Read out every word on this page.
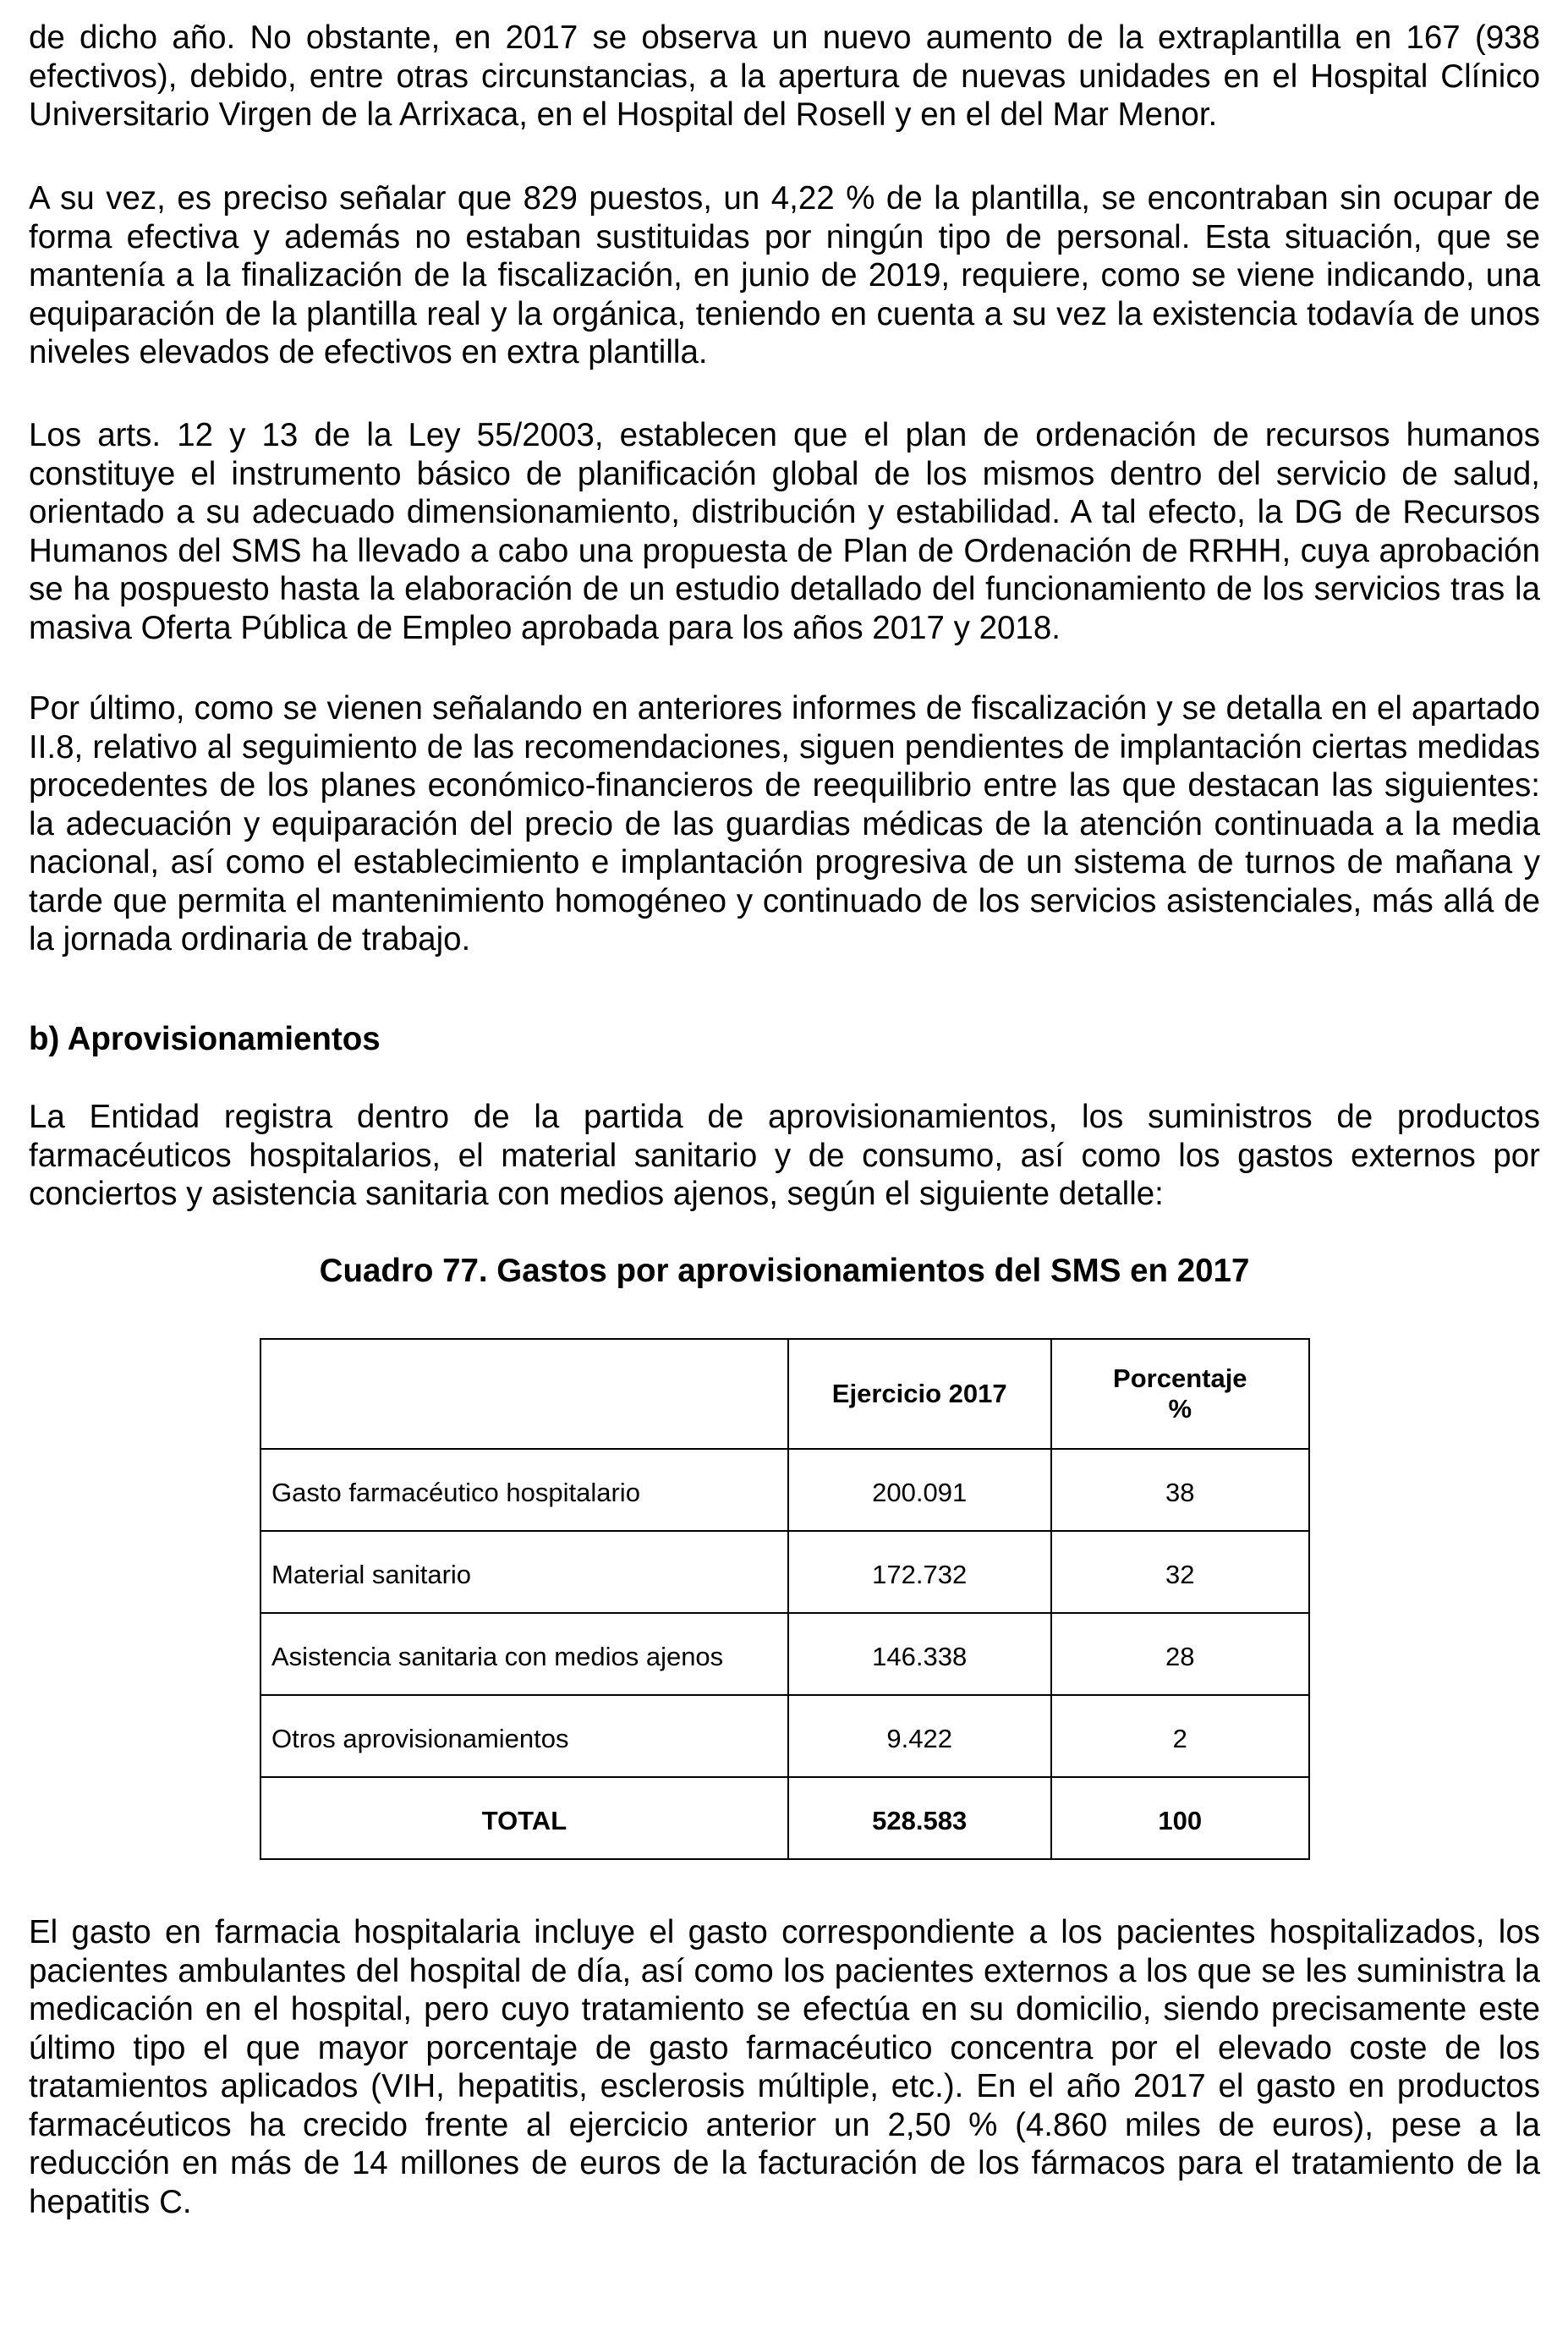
de dicho año. No obstante, en 2017 se observa un nuevo aumento de la extraplantilla en 167 (938 efectivos), debido, entre otras circunstancias, a la apertura de nuevas unidades en el Hospital Clínico Universitario Virgen de la Arrixaca, en el Hospital del Rosell y en el del Mar Menor.

A su vez, es preciso señalar que 829 puestos, un 4,22 % de la plantilla, se encontraban sin ocupar de forma efectiva y además no estaban sustituidas por ningún tipo de personal. Esta situación, que se mantenía a la finalización de la fiscalización, en junio de 2019, requiere, como se viene indicando, una equiparación de la plantilla real y la orgánica, teniendo en cuenta a su vez la existencia todavía de unos niveles elevados de efectivos en extra plantilla.

Los arts. 12 y 13 de la Ley 55/2003, establecen que el plan de ordenación de recursos humanos constituye el instrumento básico de planificación global de los mismos dentro del servicio de salud, orientado a su adecuado dimensionamiento, distribución y estabilidad. A tal efecto, la DG de Recursos Humanos del SMS ha llevado a cabo una propuesta de Plan de Ordenación de RRHH, cuya aprobación se ha pospuesto hasta la elaboración de un estudio detallado del funcionamiento de los servicios tras la masiva Oferta Pública de Empleo aprobada para los años 2017 y 2018.

Por último, como se vienen señalando en anteriores informes de fiscalización y se detalla en el apartado II.8, relativo al seguimiento de las recomendaciones, siguen pendientes de implantación ciertas medidas procedentes de los planes económico-financieros de reequilibrio entre las que destacan las siguientes: la adecuación y equiparación del precio de las guardias médicas de la atención continuada a la media nacional, así como el establecimiento e implantación progresiva de un sistema de turnos de mañana y tarde que permita el mantenimiento homogéneo y continuado de los servicios asistenciales, más allá de la jornada ordinaria de trabajo.

b) Aprovisionamientos

La Entidad registra dentro de la partida de aprovisionamientos, los suministros de productos farmacéuticos hospitalarios, el material sanitario y de consumo, así como los gastos externos por conciertos y asistencia sanitaria con medios ajenos, según el siguiente detalle:

Cuadro 77. Gastos por aprovisionamientos del SMS en 2017

	Ejercicio 2017	Porcentaje
%
Gasto farmacéutico hospitalario	200.091	38
Material sanitario	172.732	32
Asistencia sanitaria con medios ajenos	146.338	28
Otros aprovisionamientos	9.422	2
TOTAL	528.583	100

El gasto en farmacia hospitalaria incluye el gasto correspondiente a los pacientes hospitalizados, los pacientes ambulantes del hospital de día, así como los pacientes externos a los que se les suministra la medicación en el hospital, pero cuyo tratamiento se efectúa en su domicilio, siendo precisamente este último tipo el que mayor porcentaje de gasto farmacéutico concentra por el elevado coste de los tratamientos aplicados (VIH, hepatitis, esclerosis múltiple, etc.). En el año 2017 el gasto en productos farmacéuticos ha crecido frente al ejercicio anterior un 2,50 % (4.860 miles de euros), pese a la reducción en más de 14 millones de euros de la facturación de los fármacos para el tratamiento de la hepatitis C.
